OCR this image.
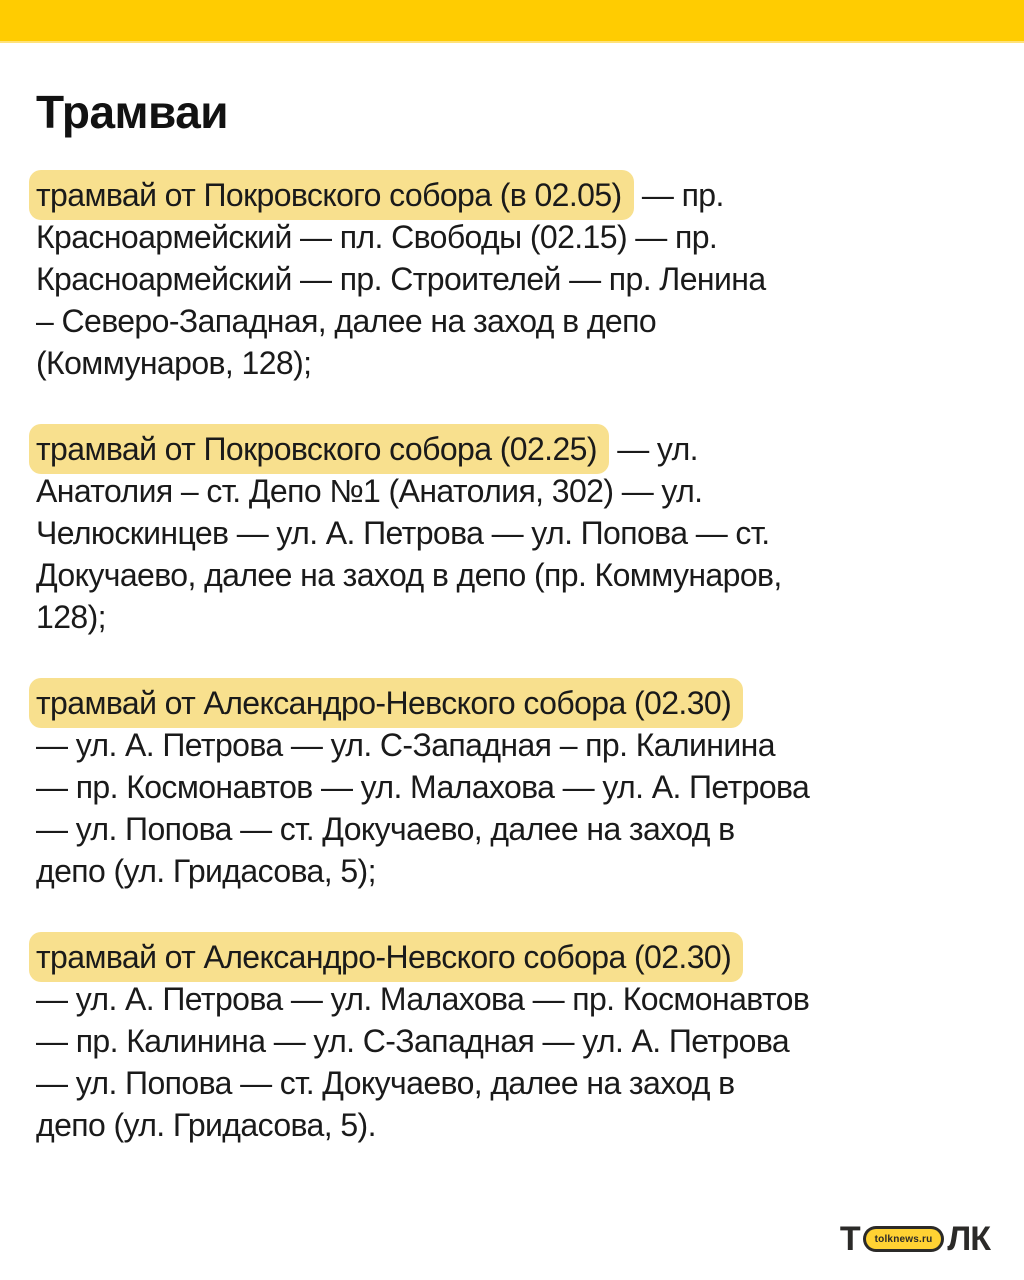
Трамваи

трамвай от Покровского собора (в 02.05) — пр.

Красноармейский — пл. Свободы (02.15) — пр.

Красноармейский — пр. Строителей — пр. Ленина

– Северо-Западная, далее на заход в депо

(Коммунаров, 128);

трамвай от Покровского собора (02.25) — ул.

Анатолия – ст. Депо №1 (Анатолия, 302) — ул.

Челюскинцев — ул. А. Петрова — ул. Попова — ст.

Докучаево, далее на заход в депо (пр. Коммунаров,

128);

трамвай от Александро-Невского собора (02.30)

— ул. А. Петрова — ул. С-Западная – пр. Калинина

— пр. Космонавтов — ул. Малахова — ул. А. Петрова

— ул. Попова — ст. Докучаево, далее на заход в

депо (ул. Гридасова, 5);

трамвай от Александро-Невского собора (02.30)

— ул. А. Петрова — ул. Малахова — пр. Космонавтов

— пр. Калинина — ул. С-Западная — ул. А. Петрова

— ул. Попова — ст. Докучаево, далее на заход в

депо (ул. Гридасова, 5).

Т	tolknews.ru ЛК
